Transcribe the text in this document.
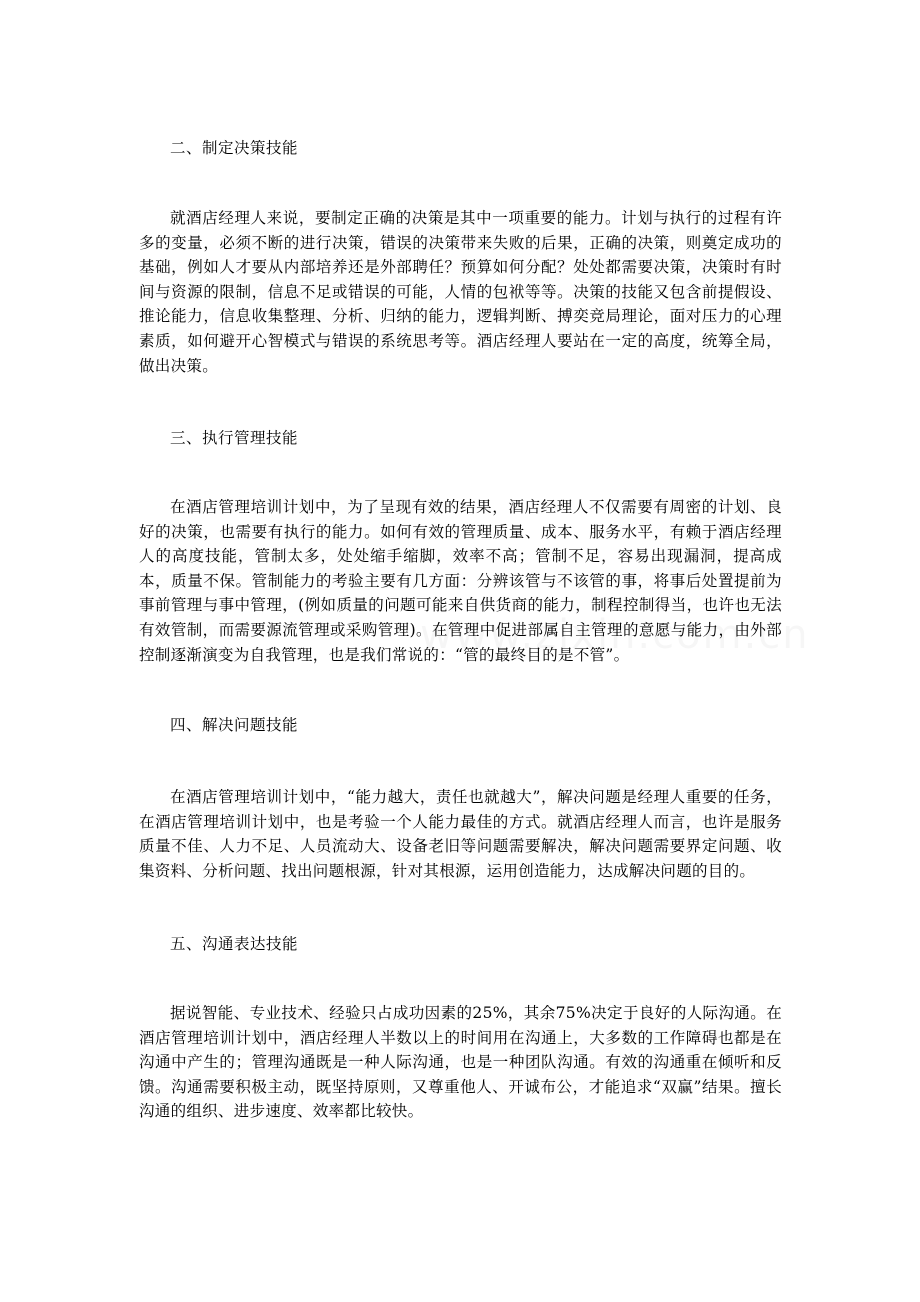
二、制定决策技能
就酒店经理人来说，要制定正确的决策是其中一项重要的能力。计划与执行的过程有许多的变量，必须不断的进行决策，错误的决策带来失败的后果，正确的决策，则奠定成功的基础，例如人才要从内部培养还是外部聘任？预算如何分配？处处都需要决策，决策时有时间与资源的限制，信息不足或错误的可能，人情的包袱等等。决策的技能又包含前提假设、推论能力，信息收集整理、分析、归纳的能力，逻辑判断、搏奕竞局理论，面对压力的心理素质，如何避开心智模式与错误的系统思考等。酒店经理人要站在一定的高度，统筹全局，做出决策。
三、执行管理技能
在酒店管理培训计划中，为了呈现有效的结果，酒店经理人不仅需要有周密的计划、良好的决策，也需要有执行的能力。如何有效的管理质量、成本、服务水平，有赖于酒店经理人的高度技能，管制太多，处处缩手缩脚，效率不高；管制不足，容易出现漏洞，提高成本，质量不保。管制能力的考验主要有几方面：分辨该管与不该管的事，将事后处置提前为事前管理与事中管理，(例如质量的问题可能来自供货商的能力，制程控制得当，也许也无法有效管制，而需要源流管理或采购管理)。在管理中促进部属自主管理的意愿与能力，由外部控制逐渐演变为自我管理，也是我们常说的：“管的最终目的是不管”。
四、解决问题技能
在酒店管理培训计划中，“能力越大，责任也就越大”，解决问题是经理人重要的任务，在酒店管理培训计划中，也是考验一个人能力最佳的方式。就酒店经理人而言，也许是服务质量不佳、人力不足、人员流动大、设备老旧等问题需要解决，解决问题需要界定问题、收集资料、分析问题、找出问题根源，针对其根源，运用创造能力，达成解决问题的目的。
五、沟通表达技能
据说智能、专业技术、经验只占成功因素的25%，其余75%决定于良好的人际沟通。在酒店管理培训计划中，酒店经理人半数以上的时间用在沟通上，大多数的工作障碍也都是在沟通中产生的；管理沟通既是一种人际沟通，也是一种团队沟通。有效的沟通重在倾听和反馈。沟通需要积极主动，既坚持原则，又尊重他人、开诚布公，才能追求“双赢”结果。擅长沟通的组织、进步速度、效率都比较快。
